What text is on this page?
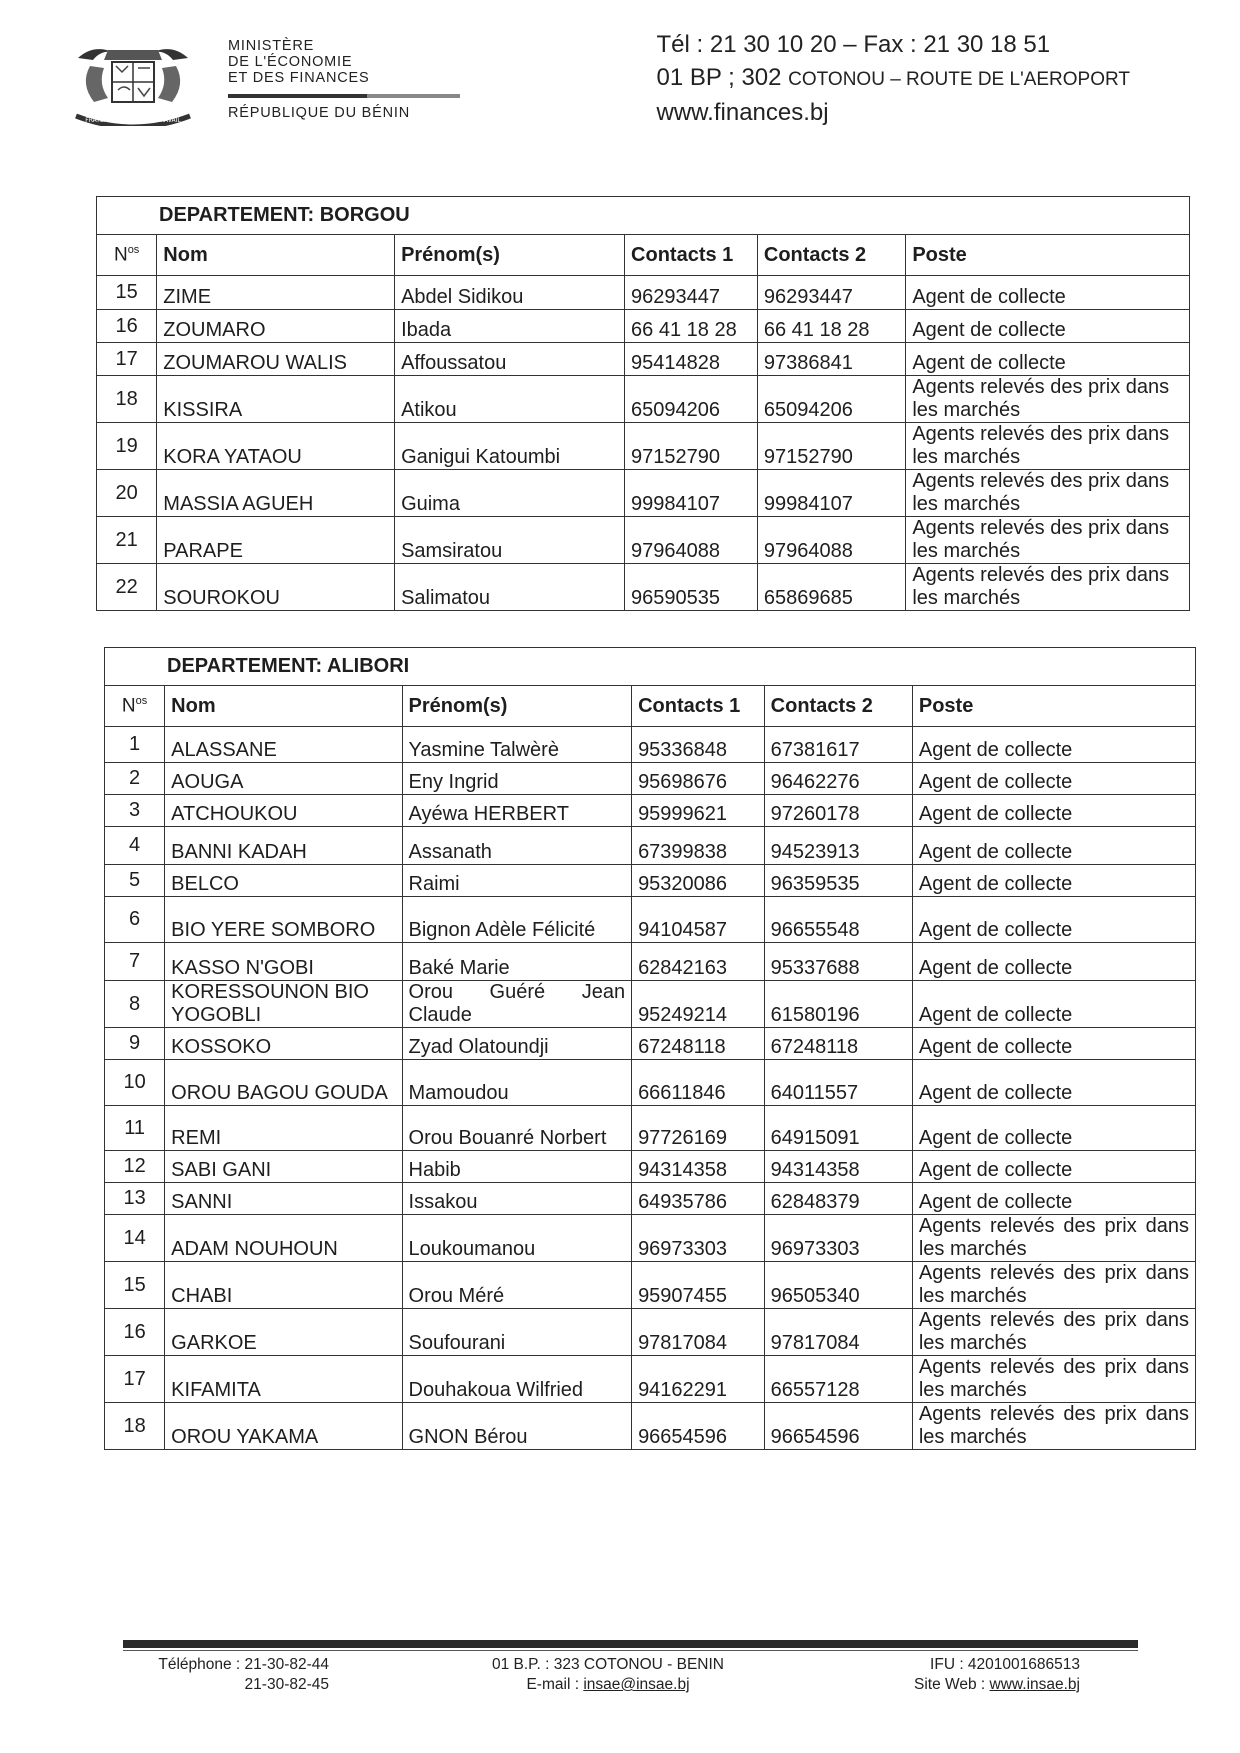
FRATERNITÉ · JUSTICE · TRAVAIL
MINISTÈRE
DE L'ÉCONOMIE
ET DES FINANCES
RÉPUBLIQUE DU BÉNIN
Tél : 21 30 10 20 – Fax : 21 30 18 51
01 BP ; 302 COTONOU – ROUTE DE L'AEROPORT
www.finances.bj
DEPARTEMENT: BORGOU					
$N^{os}$	Nom	Prénom(s)	Contacts 1	Contacts 2	Poste
15	ZIME	Abdel Sidikou	96293447	96293447	Agent de collecte
16	ZOUMARO	Ibada	66 41 18 28	66 41 18 28	Agent de collecte
17	ZOUMAROU WALIS	Affoussatou	95414828	97386841	Agent de collecte
18	KISSIRA	Atikou	65094206	65094206	Agents relevés des prix dans les marchés
19	KORA YATAOU	Ganigui Katoumbi	97152790	97152790	Agents relevés des prix dans les marchés
20	MASSIA AGUEH	Guima	99984107	99984107	Agents relevés des prix dans les marchés
21	PARAPE	Samsiratou	97964088	97964088	Agents relevés des prix dans les marchés
22	SOUROKOU	Salimatou	96590535	65869685	Agents relevés des prix dans les marchés
DEPARTEMENT: ALIBORI					
$N^{os}$	Nom	Prénom(s)	Contacts 1	Contacts 2	Poste
1	ALASSANE	Yasmine Talwèrè	95336848	67381617	Agent de collecte
2	AOUGA	Eny Ingrid	95698676	96462276	Agent de collecte
3	ATCHOUKOU	Ayéwa HERBERT	95999621	97260178	Agent de collecte
4	BANNI KADAH	Assanath	67399838	94523913	Agent de collecte
5	BELCO	Raimi	95320086	96359535	Agent de collecte
6	BIO YERE SOMBORO	Bignon Adèle Félicité	94104587	96655548	Agent de collecte
7	KASSO N'GOBI	Baké Marie	62842163	95337688	Agent de collecte
8	KORESSOUNON BIO YOGOBLI	Orou Guéré Jean Claude	95249214	61580196	Agent de collecte
9	KOSSOKO	Zyad Olatoundji	67248118	67248118	Agent de collecte
10	OROU BAGOU GOUDA	Mamoudou	66611846	64011557	Agent de collecte
11	REMI	Orou Bouanré Norbert	97726169	64915091	Agent de collecte
12	SABI GANI	Habib	94314358	94314358	Agent de collecte
13	SANNI	Issakou	64935786	62848379	Agent de collecte
14	ADAM NOUHOUN	Loukoumanou	96973303	96973303	Agents relevés des prix dans les marchés
15	CHABI	Orou Méré	95907455	96505340	Agents relevés des prix dans les marchés
16	GARKOE	Soufourani	97817084	97817084	Agents relevés des prix dans les marchés
17	KIFAMITA	Douhakoua Wilfried	94162291	66557128	Agents relevés des prix dans les marchés
18	OROU YAKAMA	GNON Bérou	96654596	96654596	Agents relevés des prix dans les marchés
Téléphone : 21-30-82-44
21-30-82-45
01 B.P. : 323 COTONOU - BENIN
E-mail : insae@insae.bj
IFU : 4201001686513
Site Web : www.insae.bj
